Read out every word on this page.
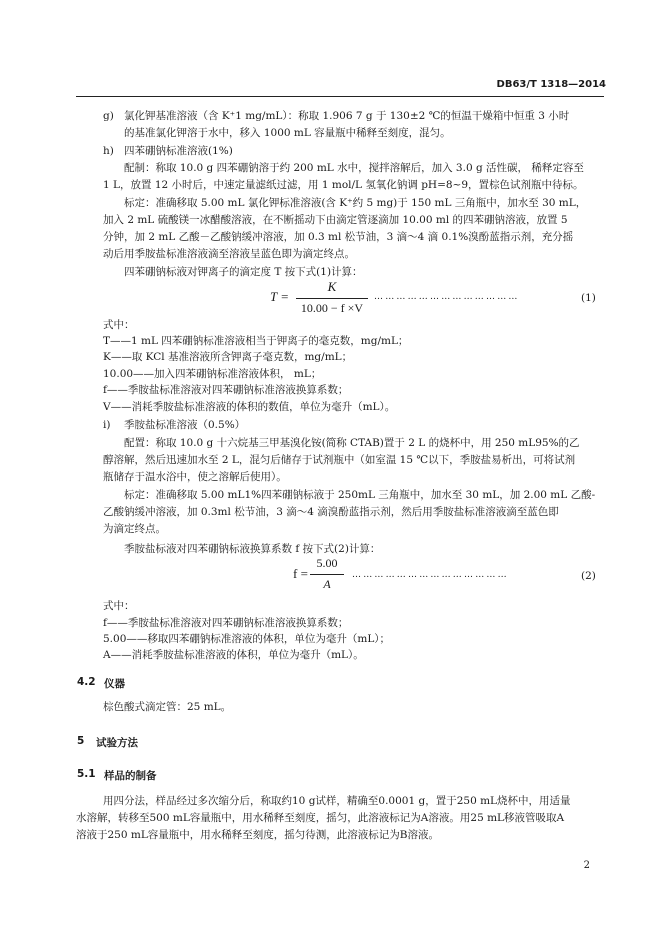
DB63/T 1318—2014
g) 氯化钾基准溶液（含 K⁺1 mg/mL）：称取 1.906 7 g 于 130±2 ℃的恒温干燥箱中恒重 3 小时
的基准氯化钾溶于水中，移入 1000 mL 容量瓶中稀释至刻度，混匀。
h) 四苯硼钠标准溶液(1%)
配制：称取 10.0 g 四苯硼钠溶于约 200 mL 水中，搅拌溶解后，加入 3.0 g 活性碳， 稀释定容至
1 L，放置 12 小时后，中速定量滤纸过滤，用 1 mol/L 氢氧化钠调 pH=8~9，置棕色试剂瓶中待标。
标定：准确移取 5.00 mL 氯化钾标准溶液(含 K⁺约 5 mg)于 150 mL 三角瓶中，加水至 30 mL，
加入 2 mL 硫酸镁一冰醋酸溶液，在不断摇动下由滴定管逐滴加 10.00 ml 的四苯硼钠溶液，放置 5
分钟，加 2 mL 乙酸－乙酸钠缓冲溶液，加 0.3 ml 松节油，3 滴～4 滴 0.1%溴酚蓝指示剂，充分摇
动后用季胺盐标准溶液滴至溶液呈蓝色即为滴定终点。
四苯硼钠标液对钾离子的滴定度 T 按下式(1)计算：
T =
K
10.00 − f ×V
…………………………………	(1)
式中：
T——1 mL 四苯硼钠标准溶液相当于钾离子的毫克数，mg/mL；
K——取 KCl 基准溶液所含钾离子毫克数，mg/mL；
10.00——加入四苯硼钠标准溶液体积， mL；
f——季胺盐标准溶液对四苯硼钠标准溶液换算系数；
V——消耗季胺盐标准溶液的体积的数值，单位为毫升（mL）。
i) 季胺盐标准溶液（0.5%）
配置：称取 10.0 g 十六烷基三甲基溴化铵(简称 CTAB)置于 2 L 的烧杯中，用 250 mL95%的乙
醇溶解，然后迅速加水至 2 L，混匀后储存于试剂瓶中（如室温 15 ℃以下，季胺盐易析出，可将试剂
瓶储存于温水浴中，使之溶解后使用）。
标定：准确移取 5.00 mL1%四苯硼钠标液于 250mL 三角瓶中，加水至 30 mL，加 2.00 mL 乙酸-
乙酸钠缓冲溶液，加 0.3ml 松节油，3 滴～4 滴溴酚蓝指示剂，然后用季胺盐标准溶液滴至蓝色即
为滴定终点。
季胺盐标液对四苯硼钠标液换算系数 f 按下式(2)计算：
f =
5.00
A
……………………………………	(2)
式中：
f——季胺盐标准溶液对四苯硼钠标准溶液换算系数；
5.00——移取四苯硼钠标准溶液的体积，单位为毫升（mL）；
A——消耗季胺盐标准溶液的体积，单位为毫升（mL）。
4.2 仪器
棕色酸式滴定管：25 mL。
5 试验方法
5.1 样品的制备
用四分法，样品经过多次缩分后，称取约10 g试样，精确至0.0001 g，置于250 mL烧杯中，用适量
水溶解，转移至500 mL容量瓶中，用水稀释至刻度，摇匀，此溶液标记为A溶液。用25 mL移液管吸取A
溶液于250 mL容量瓶中，用水稀释至刻度，摇匀待测，此溶液标记为B溶液。
2
